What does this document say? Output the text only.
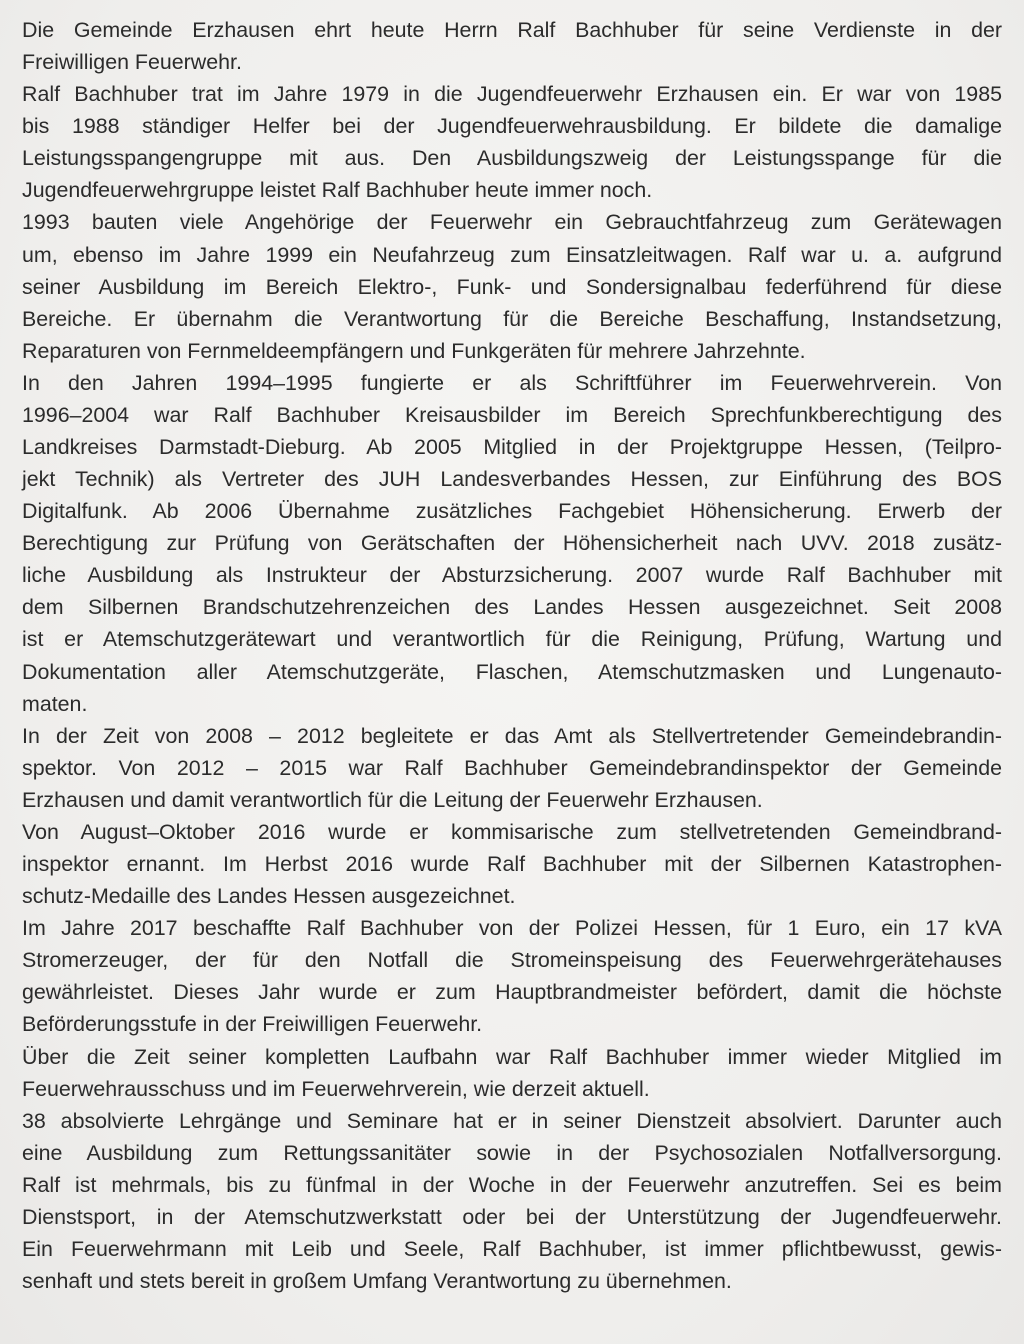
Die Gemeinde Erzhausen ehrt heute Herrn Ralf Bachhuber für seine Verdienste in der
Freiwilligen Feuerwehr.
Ralf Bachhuber trat im Jahre 1979 in die Jugendfeuerwehr Erzhausen ein. Er war von 1985
bis 1988 ständiger Helfer bei der Jugendfeuerwehrausbildung. Er bildete die damalige
Leistungsspangengruppe mit aus. Den Ausbildungszweig der Leistungsspange für die
Jugendfeuerwehrgruppe leistet Ralf Bachhuber heute immer noch.
1993 bauten viele Angehörige der Feuerwehr ein Gebrauchtfahrzeug zum Gerätewagen
um, ebenso im Jahre 1999 ein Neufahrzeug zum Einsatzleitwagen. Ralf war u. a. aufgrund
seiner Ausbildung im Bereich Elektro-, Funk- und Sondersignalbau federführend für diese
Bereiche. Er übernahm die Verantwortung für die Bereiche Beschaffung, Instandsetzung,
Reparaturen von Fernmeldeempfängern und Funkgeräten für mehrere Jahrzehnte.
In den Jahren 1994–1995 fungierte er als Schriftführer im Feuerwehrverein. Von
1996–2004 war Ralf Bachhuber Kreisausbilder im Bereich Sprechfunkberechtigung des
Landkreises Darmstadt-Dieburg. Ab 2005 Mitglied in der Projektgruppe Hessen, (Teilpro-
jekt Technik) als Vertreter des JUH Landesverbandes Hessen, zur Einführung des BOS
Digitalfunk. Ab 2006 Übernahme zusätzliches Fachgebiet Höhensicherung. Erwerb der
Berechtigung zur Prüfung von Gerätschaften der Höhensicherheit nach UVV. 2018 zusätz-
liche Ausbildung als Instrukteur der Absturzsicherung. 2007 wurde Ralf Bachhuber mit
dem Silbernen Brandschutzehrenzeichen des Landes Hessen ausgezeichnet. Seit 2008
ist er Atemschutzgerätewart und verantwortlich für die Reinigung, Prüfung, Wartung und
Dokumentation aller Atemschutzgeräte, Flaschen, Atemschutzmasken und Lungenauto-
maten.
In der Zeit von 2008 – 2012 begleitete er das Amt als Stellvertretender Gemeindebrandin-
spektor. Von 2012 – 2015 war Ralf Bachhuber Gemeindebrandinspektor der Gemeinde
Erzhausen und damit verantwortlich für die Leitung der Feuerwehr Erzhausen.
Von August–Oktober 2016 wurde er kommisarische zum stellvetretenden Gemeindbrand-
inspektor ernannt. Im Herbst 2016 wurde Ralf Bachhuber mit der Silbernen Katastrophen-
schutz-Medaille des Landes Hessen ausgezeichnet.
Im Jahre 2017 beschaffte Ralf Bachhuber von der Polizei Hessen, für 1 Euro, ein 17 kVA
Stromerzeuger, der für den Notfall die Stromeinspeisung des Feuerwehrgerätehauses
gewährleistet. Dieses Jahr wurde er zum Hauptbrandmeister befördert, damit die höchste
Beförderungsstufe in der Freiwilligen Feuerwehr.
Über die Zeit seiner kompletten Laufbahn war Ralf Bachhuber immer wieder Mitglied im
Feuerwehrausschuss und im Feuerwehrverein, wie derzeit aktuell.
38 absolvierte Lehrgänge und Seminare hat er in seiner Dienstzeit absolviert. Darunter auch
eine Ausbildung zum Rettungssanitäter sowie in der Psychosozialen Notfallversorgung.
Ralf ist mehrmals, bis zu fünfmal in der Woche in der Feuerwehr anzutreffen. Sei es beim
Dienstsport, in der Atemschutzwerkstatt oder bei der Unterstützung der Jugendfeuerwehr.
Ein Feuerwehrmann mit Leib und Seele, Ralf Bachhuber, ist immer pflichtbewusst, gewis-
senhaft und stets bereit in großem Umfang Verantwortung zu übernehmen.
